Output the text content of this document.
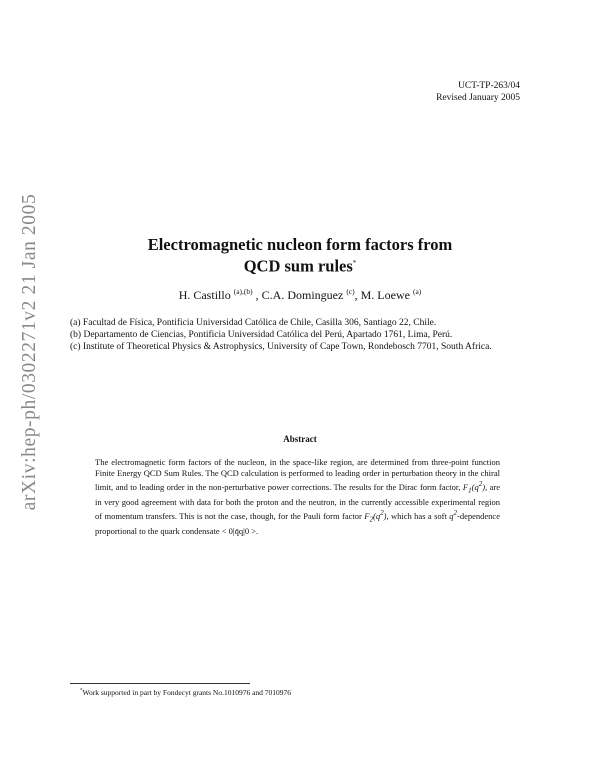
arXiv:hep-ph/0302271v2 21 Jan 2005
UCT-TP-263/04
Revised January 2005
Electromagnetic nucleon form factors from
QCD sum rules*
H. Castillo $^{(a),(b)}$ , C.A. Dominguez $^{(c)}$, M. Loewe $^{(a)}$
(a) Facultad de Física, Pontificia Universidad Católica de Chile, Casilla 306, Santiago 22, Chile.
(b) Departamento de Ciencias, Pontificia Universidad Católica del Perú, Apartado 1761, Lima, Perú.
(c) Institute of Theoretical Physics & Astrophysics, University of Cape Town, Rondebosch 7701, South Africa.
Abstract
The electromagnetic form factors of the nucleon, in the space-like region, are determined from three-point function Finite Energy QCD Sum Rules. The QCD calculation is performed to leading order in perturbation theory in the chiral limit, and to leading order in the non-perturbative power corrections. The results for the Dirac form factor, $F_1(q^2)$, are in very good agreement with data for both the proton and the neutron, in the currently accessible experimental region of momentum transfers. This is not the case, though, for the Pauli form factor $F_2(q^2)$, which has a soft $q^2$-dependence proportional to the quark condensate < 0|q̄q|0 >.
*Work supported in part by Fondecyt grants No.1010976 and 7010976
